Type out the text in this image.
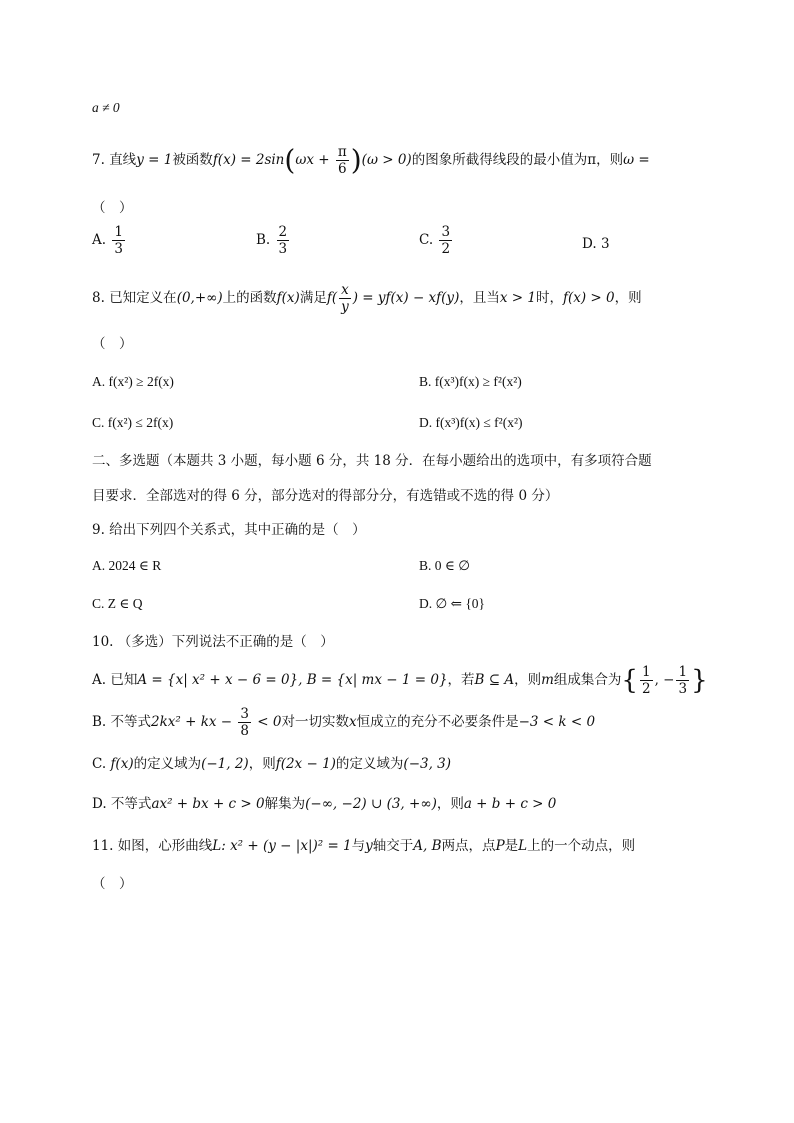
a ≠ 0
7. 直线y = 1被函数$f(x) = 2\sin(\omega x + \frac{\pi}{6} )(\omega > 0)$的图象所截得线段的最小值为π，则ω =
（　）
A. $\frac{1}{3}$	B. $\frac{2}{3}$	C. $\frac{3}{2}$	D. 3
8. 已知定义在(0,+∞)上的函数f(x)满足$f( \frac{x}{y}$ ) = yf(x) − xf(y)，且当x > 1时，f(x) > 0，则
（　）
A. f(x²) ≥ 2f(x)	B. f(x³)f(x) ≥ f²(x²)
C. f(x²) ≤ 2f(x)	D. f(x³)f(x) ≤ f²(x²)
二、多选题（本题共 3 小题，每小题 6 分，共 18 分．在每小题给出的选项中，有多项符合题
目要求．全部选对的得 6 分，部分选对的得部分分，有选错或不选的得 0 分）
9. 给出下列四个关系式，其中正确的是（　）
A. 2024 ∈ R	B. 0 ∈ ∅
C. Z ∈ Q	D. ∅ ⇐ {0}
10. （多选）下列说法不正确的是（　）
A. 已知A = {x| x² + x − 6 = 0}, B = {x| mx − 1 = 0}，若B ⊆ A，则m组成集合为{ $\frac{1}{2}$ , − $\frac{1}{3}$ }
B. 不等式2kx² + kx − $\frac{3}{8} < 0$对一切实数x恒成立的充分不必要条件是−3 < k < 0
C. f(x)的定义域为(−1, 2)，则f(2x − 1)的定义域为(−3, 3)
D. 不等式ax² + bx + c > 0解集为(−∞, −2) ∪ (3, +∞)，则a + b + c > 0
11. 如图，心形曲线L: x² + (y − |x|)² = 1与y轴交于A, B两点，点P是L上的一个动点，则
（　）
